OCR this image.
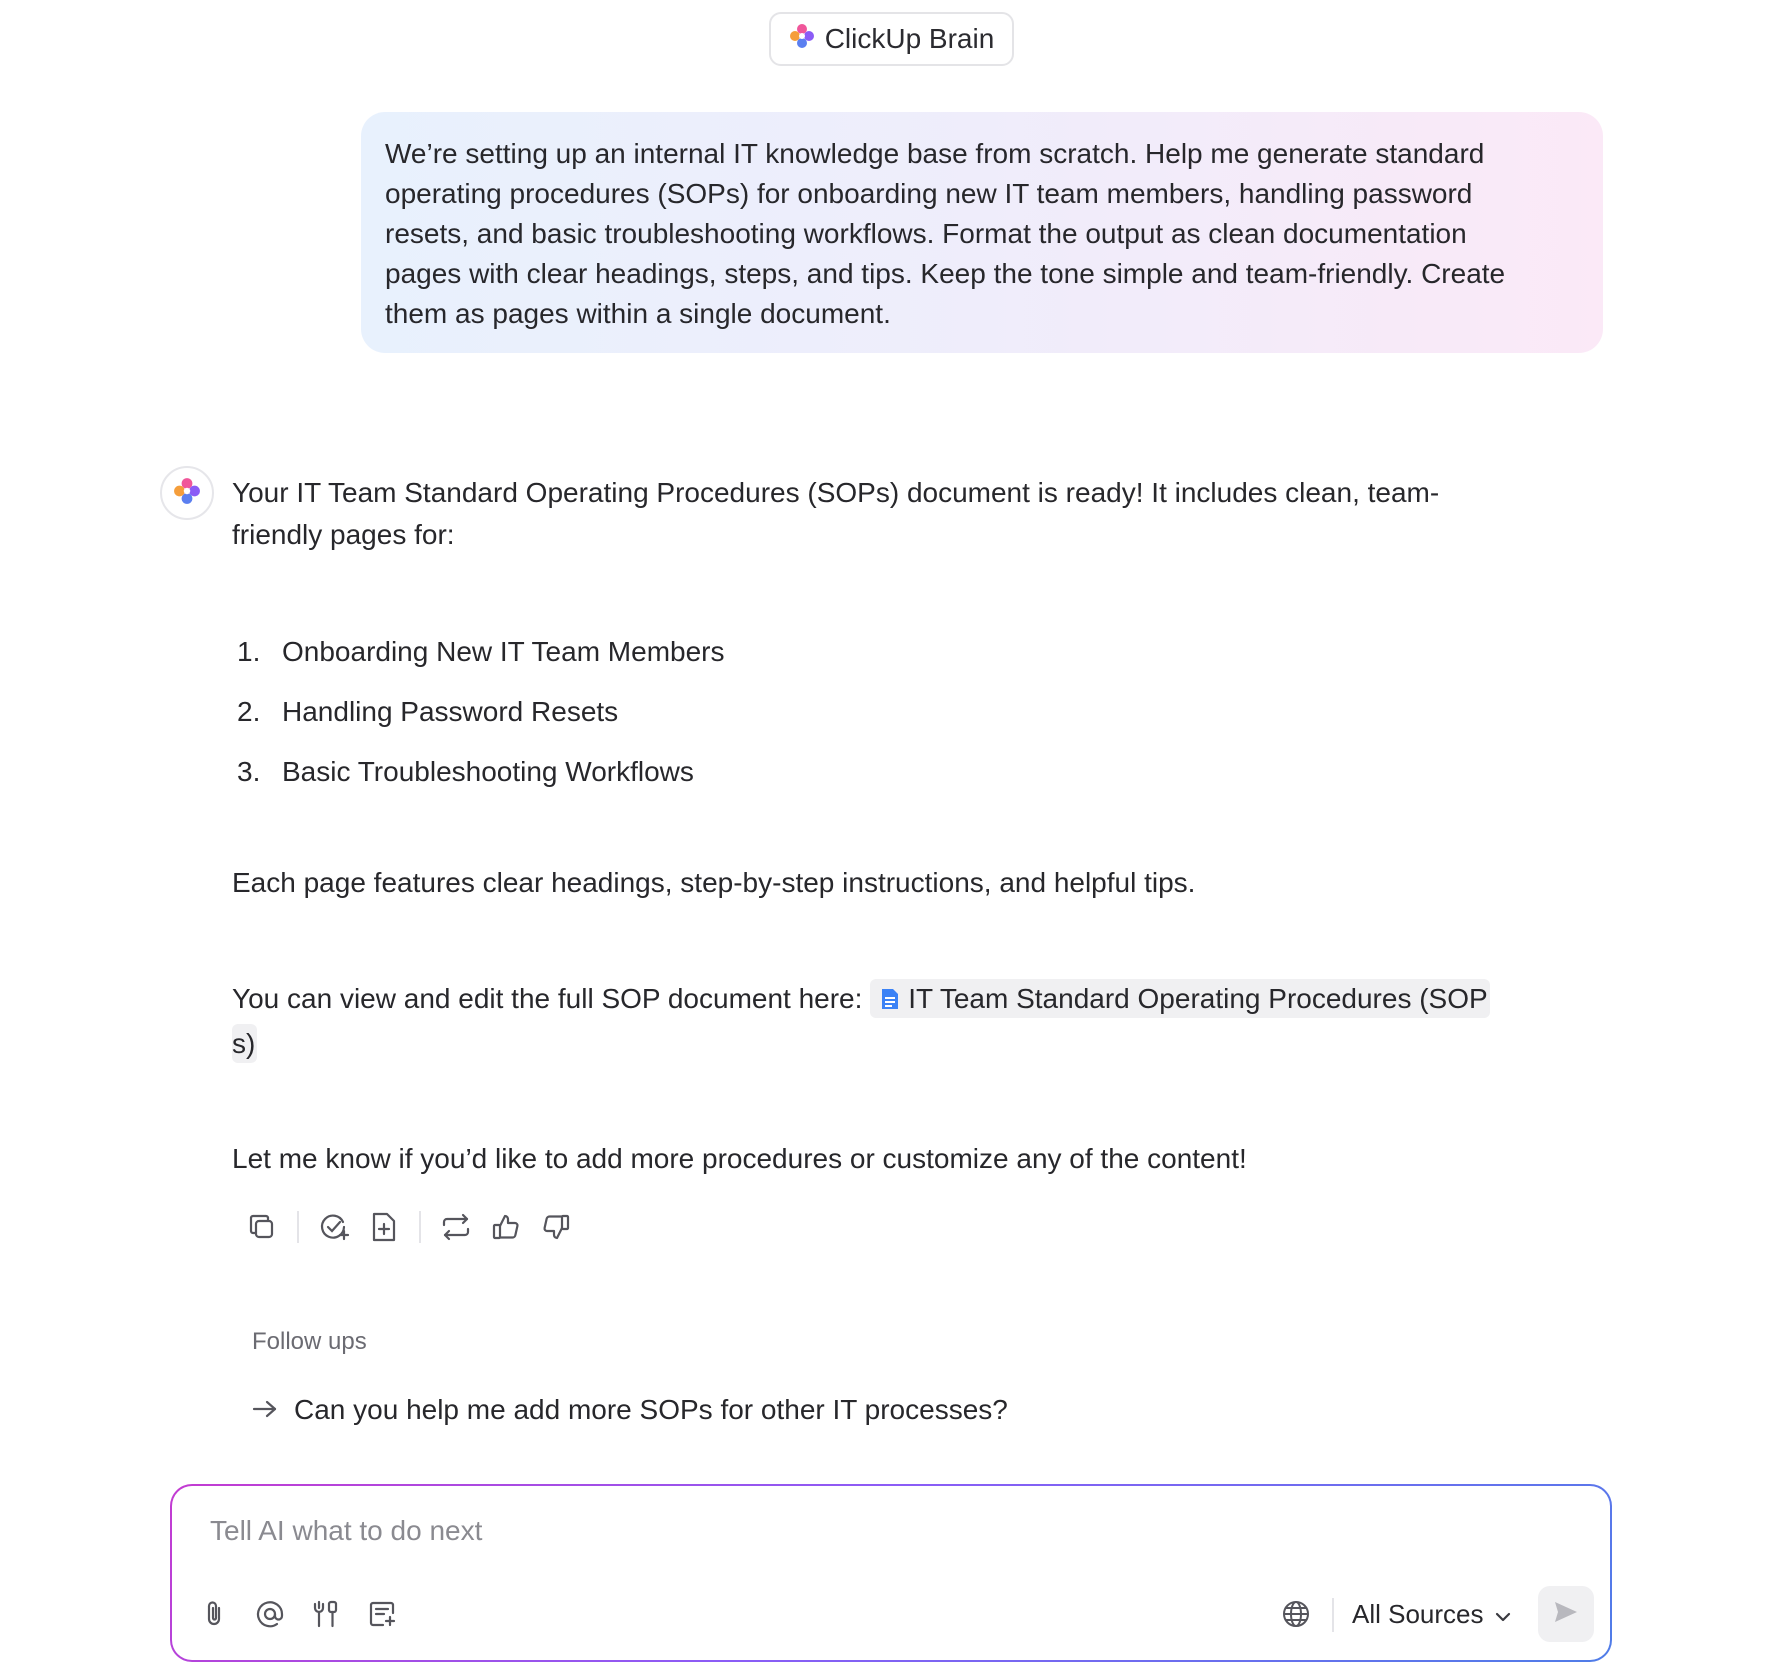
ClickUp Brain
We’re setting up an internal IT knowledge base from scratch. Help me generate standard
operating procedures (SOPs) for onboarding new IT team members, handling password
resets, and basic troubleshooting workflows. Format the output as clean documentation
pages with clear headings, steps, and tips. Keep the tone simple and team-friendly. Create
them as pages within a single document.
Your IT Team Standard Operating Procedures (SOPs) document is ready! It includes clean, team-
friendly pages for:
1. Onboarding New IT Team Members
2. Handling Password Resets
3. Basic Troubleshooting Workflows
Each page features clear headings, step-by-step instructions, and helpful tips.
You can view and edit the full SOP document here: IT Team Standard Operating Procedures (SOP
s)
Let me know if you’d like to add more procedures or customize any of the content!
Follow ups
Can you help me add more SOPs for other IT processes?
Tell AI what to do next
All Sources
